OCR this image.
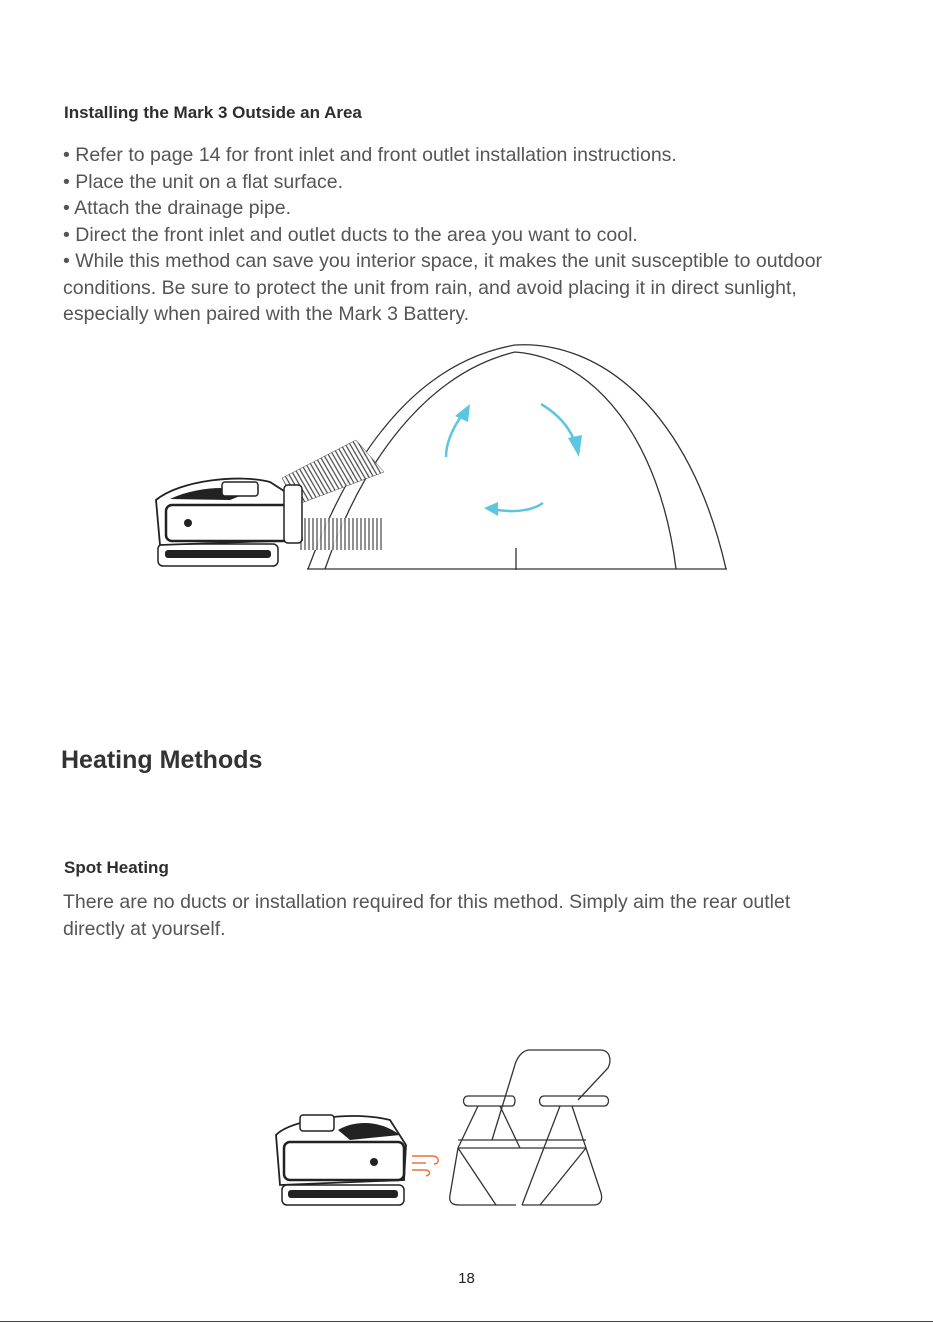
Installing the Mark 3 Outside an Area

• Refer to page 14 for front inlet and front outlet installation instructions.

• Place the unit on a flat surface.

• Attach the drainage pipe.

• Direct the front inlet and outlet ducts to the area you want to cool.

• While this method can save you interior space, it makes the unit susceptible to outdoor conditions. Be sure to protect the unit from rain, and avoid placing it in direct sunlight, especially when paired with the Mark 3 Battery.

Heating Methods
Spot Heating

There are no ducts or installation required for this method. Simply aim the rear outlet directly at yourself.

18
